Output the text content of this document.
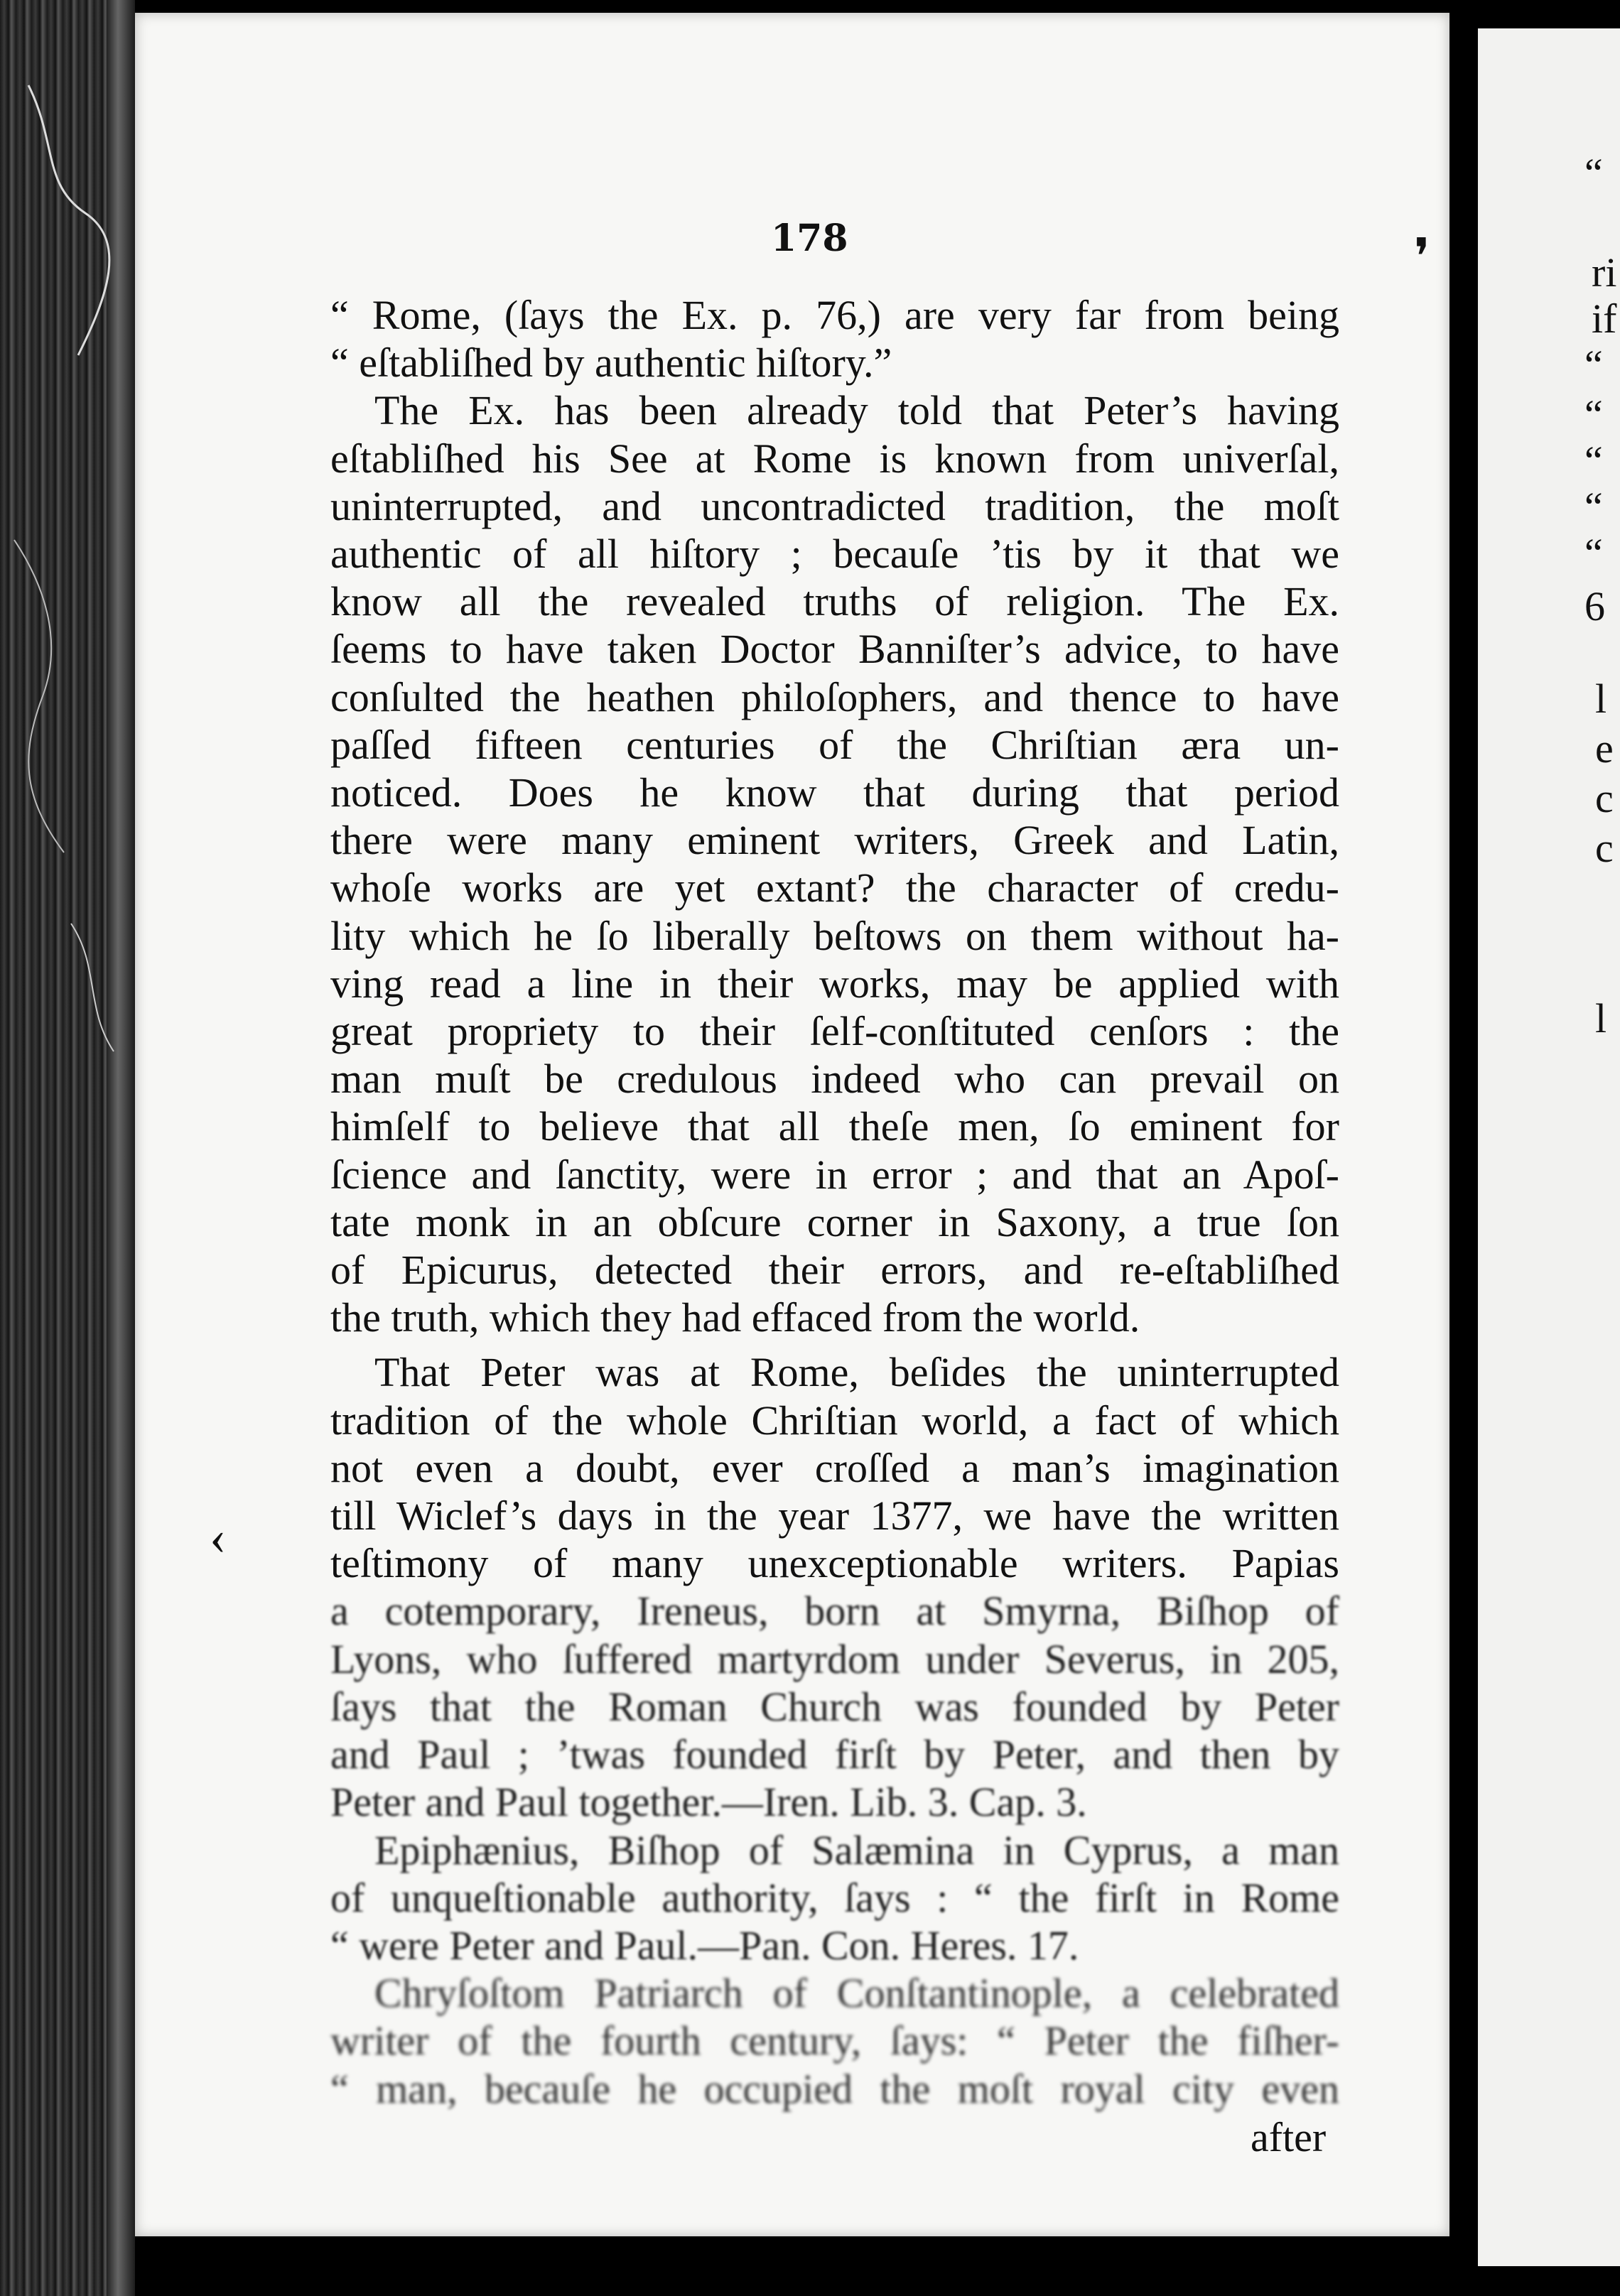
178

“ Rome, (ſays the Ex. p. 76,) are very far from being

“ eſtabliſhed by authentic hiſtory.”

The Ex. has been already told that Peter’s having

eſtabliſhed his See at Rome is known from univerſal,

uninterrupted, and uncontradicted tradition, the moſt

authentic of all hiſtory ; becauſe ’tis by it that we

know all the revealed truths of religion. The Ex.

ſeems to have taken Doctor Banniſter’s advice, to have

conſulted the heathen philoſophers, and thence to have

paſſed fifteen centuries of the Chriſtian æra un-

noticed. Does he know that during that period

there were many eminent writers, Greek and Latin,

whoſe works are yet extant? the character of credu-

lity which he ſo liberally beſtows on them without ha-

ving read a line in their works, may be applied with

great propriety to their ſelf-conſtituted cenſors : the

man muſt be credulous indeed who can prevail on

himſelf to believe that all theſe men, ſo eminent for

ſcience and ſanctity, were in error ; and that an Apoſ-

tate monk in an obſcure corner in Saxony, a true ſon

of Epicurus, detected their errors, and re-eſtabliſhed

the truth, which they had effaced from the world.

That Peter was at Rome, beſides the uninterrupted

tradition of the whole Chriſtian world, a fact of which

not even a doubt, ever croſſed a man’s imagination

till Wiclef’s days in the year 1377, we have the written

teſtimony of many unexceptionable writers. Papias

a cotemporary, Ireneus, born at Smyrna, Biſhop of

Lyons, who ſuffered martyrdom under Severus, in 205,

ſays that the Roman Church was founded by Peter

and Paul ; ’twas founded firſt by Peter, and then by

Peter and Paul together.—Iren. Lib. 3. Cap. 3.

Epiphænius, Biſhop of Salæmina in Cyprus, a man

of unqueſtionable authority, ſays : “ the firſt in Rome

“ were Peter and Paul.—Pan. Con. Heres. 17.

Chryſoſtom Patriarch of Conſtantinople, a celebrated

writer of the fourth century, ſays: “ Peter the fiſher-

“ man, becauſe he occupied the moſt royal city even

after
‹
❜
“
ri
if
“
“
“
“
“
6
l
e
c
c
l
